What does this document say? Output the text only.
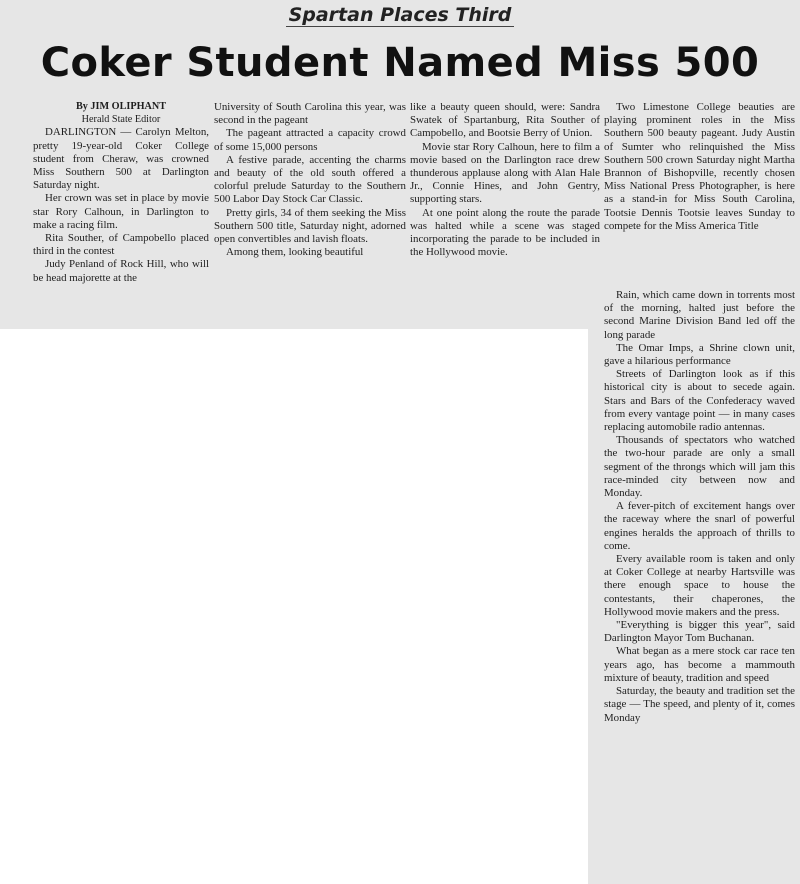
Spartan Places Third
Coker Student Named Miss 500

By JIM OLIPHANT

Herald State Editor

DARLINGTON — Carolyn Melton, pretty 19-year-old Coker College student from Cheraw, was crowned Miss Southern 500 at Darlington Saturday night.

Her crown was set in place by movie star Rory Calhoun, in Darlington to make a racing film.

Rita Souther, of Campobello placed third in the contest

Judy Penland of Rock Hill, who will be head majorette at the

University of South Carolina this year, was second in the pageant

The pageant attracted a capacity crowd of some 15,000 persons

A festive parade, accenting the charms and beauty of the old south offered a colorful prelude Saturday to the Southern 500 Labor Day Stock Car Classic.

Pretty girls, 34 of them seeking the Miss Southern 500 title, Saturday night, adorned open convertibles and lavish floats.

Among them, looking beautiful

like a beauty queen should, were: Sandra Swatek of Spartanburg, Rita Souther of Campobello, and Bootsie Berry of Union.

Movie star Rory Calhoun, here to film a movie based on the Darlington race drew thunderous applause along with Alan Hale Jr., Connie Hines, and John Gentry, supporting stars.

At one point along the route the parade was halted while a scene was staged incorporating the parade to be included in the Hollywood movie.

Two Limestone College beauties are playing prominent roles in the Miss Southern 500 beauty pageant. Judy Austin of Sumter who relinquished the Miss Southern 500 crown Saturday night Martha Brannon of Bishopville, recently chosen Miss National Press Photographer, is here as a stand-in for Miss South Carolina, Tootsie Dennis Tootsie leaves Sunday to compete for the Miss America Title

Rain, which came down in torrents most of the morning, halted just before the second Marine Division Band led off the long parade

The Omar Imps, a Shrine clown unit, gave a hilarious performance

Streets of Darlington look as if this historical city is about to secede again. Stars and Bars of the Confederacy waved from every vantage point — in many cases replacing automobile radio antennas.

Thousands of spectators who watched the two-hour parade are only a small segment of the throngs which will jam this race-minded city between now and Monday.

A fever-pitch of excitement hangs over the raceway where the snarl of powerful engines heralds the approach of thrills to come.

Every available room is taken and only at Coker College at nearby Hartsville was there enough space to house the contestants, their chaperones, the Hollywood movie makers and the press.

"Everything is bigger this year", said Darlington Mayor Tom Buchanan.

What began as a mere stock car race ten years ago, has become a mammouth mixture of beauty, tradition and speed

Saturday, the beauty and tradition set the stage — The speed, and plenty of it, comes Monday
